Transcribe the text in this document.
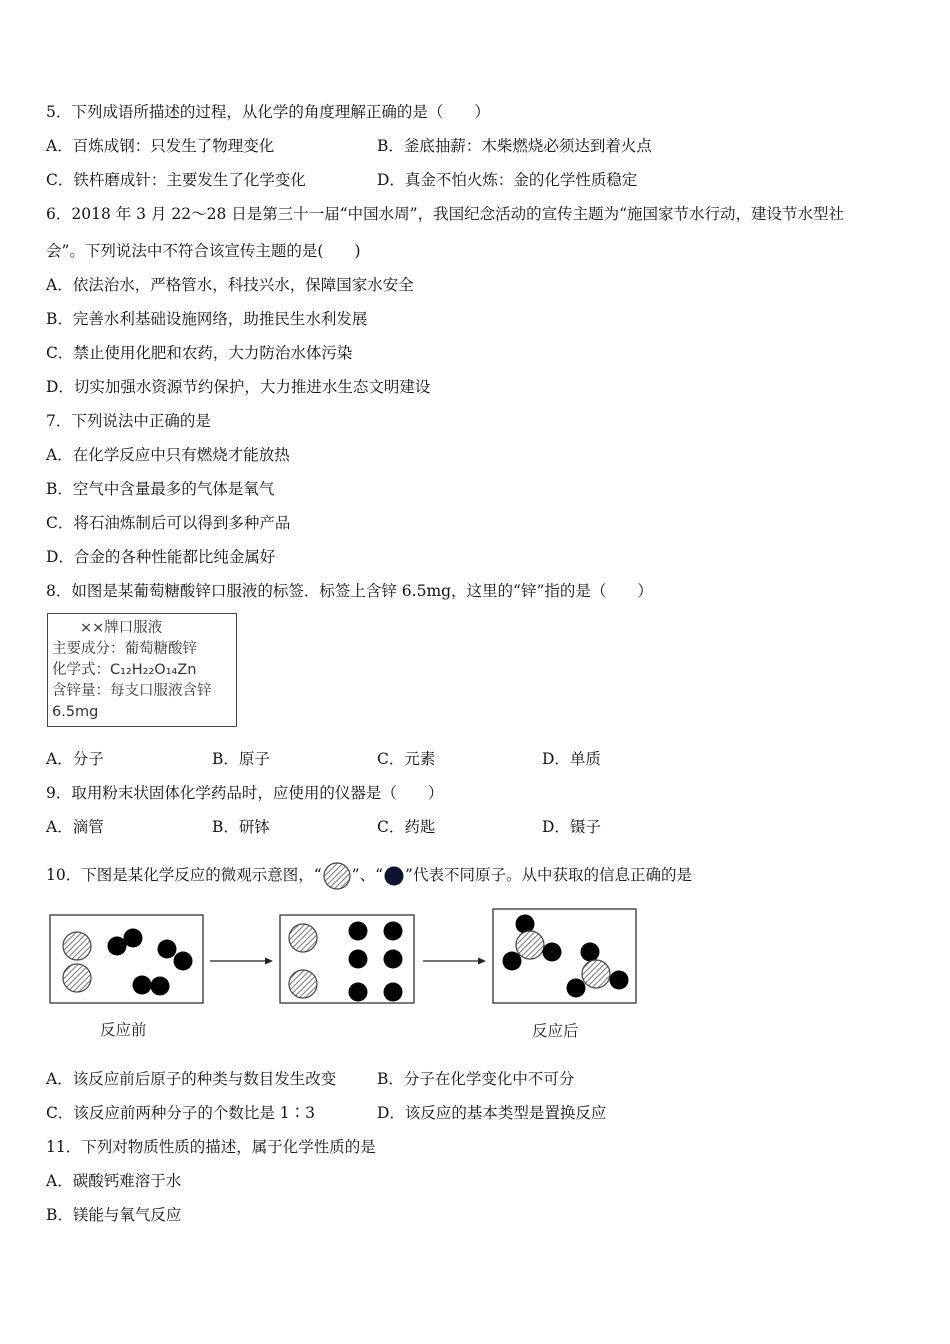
5．下列成语所描述的过程，从化学的角度理解正确的是（　　）
A．百炼成钢：只发生了物理变化	B．釜底抽薪：木柴燃烧必须达到着火点
C．铁杵磨成针：主要发生了化学变化	D．真金不怕火炼：金的化学性质稳定
6．2018 年 3 月 22～28 日是第三十一届“中国水周”，我国纪念活动的宣传主题为“施国家节水行动，建设节水型社
会”。下列说法中不符合该宣传主题的是(　　)
A．依法治水，严格管水，科技兴水，保障国家水安全
B．完善水利基础设施网络，助推民生水利发展
C．禁止使用化肥和农药，大力防治水体污染
D．切实加强水资源节约保护，大力推进水生态文明建设
7．下列说法中正确的是
A．在化学反应中只有燃烧才能放热
B．空气中含量最多的气体是氧气
C．将石油炼制后可以得到多种产品
D．合金的各种性能都比纯金属好
8．如图是某葡萄糖酸锌口服液的标签．标签上含锌 6.5mg，这里的“锌”指的是（　　）
××牌口服液
主要成分：葡萄糖酸锌
化学式：C₁₂H₂₂O₁₄Zn
含锌量：每支口服液含锌
6.5mg
A．分子	B．原子	C．元素	D．单质
9．取用粉末状固体化学药品时，应使用的仪器是（　　）
A．滴管	B．研钵	C．药匙	D．镊子
10．下图是某化学反应的微观示意图，“ ”、“ ”代表不同原子。从中获取的信息正确的是
反应前	反应后
A．该反应前后原子的种类与数目发生改变	B．分子在化学变化中不可分
C．该反应前两种分子的个数比是 1∶3	D．该反应的基本类型是置换反应
11．下列对物质性质的描述，属于化学性质的是
A．碳酸钙难溶于水
B．镁能与氧气反应
